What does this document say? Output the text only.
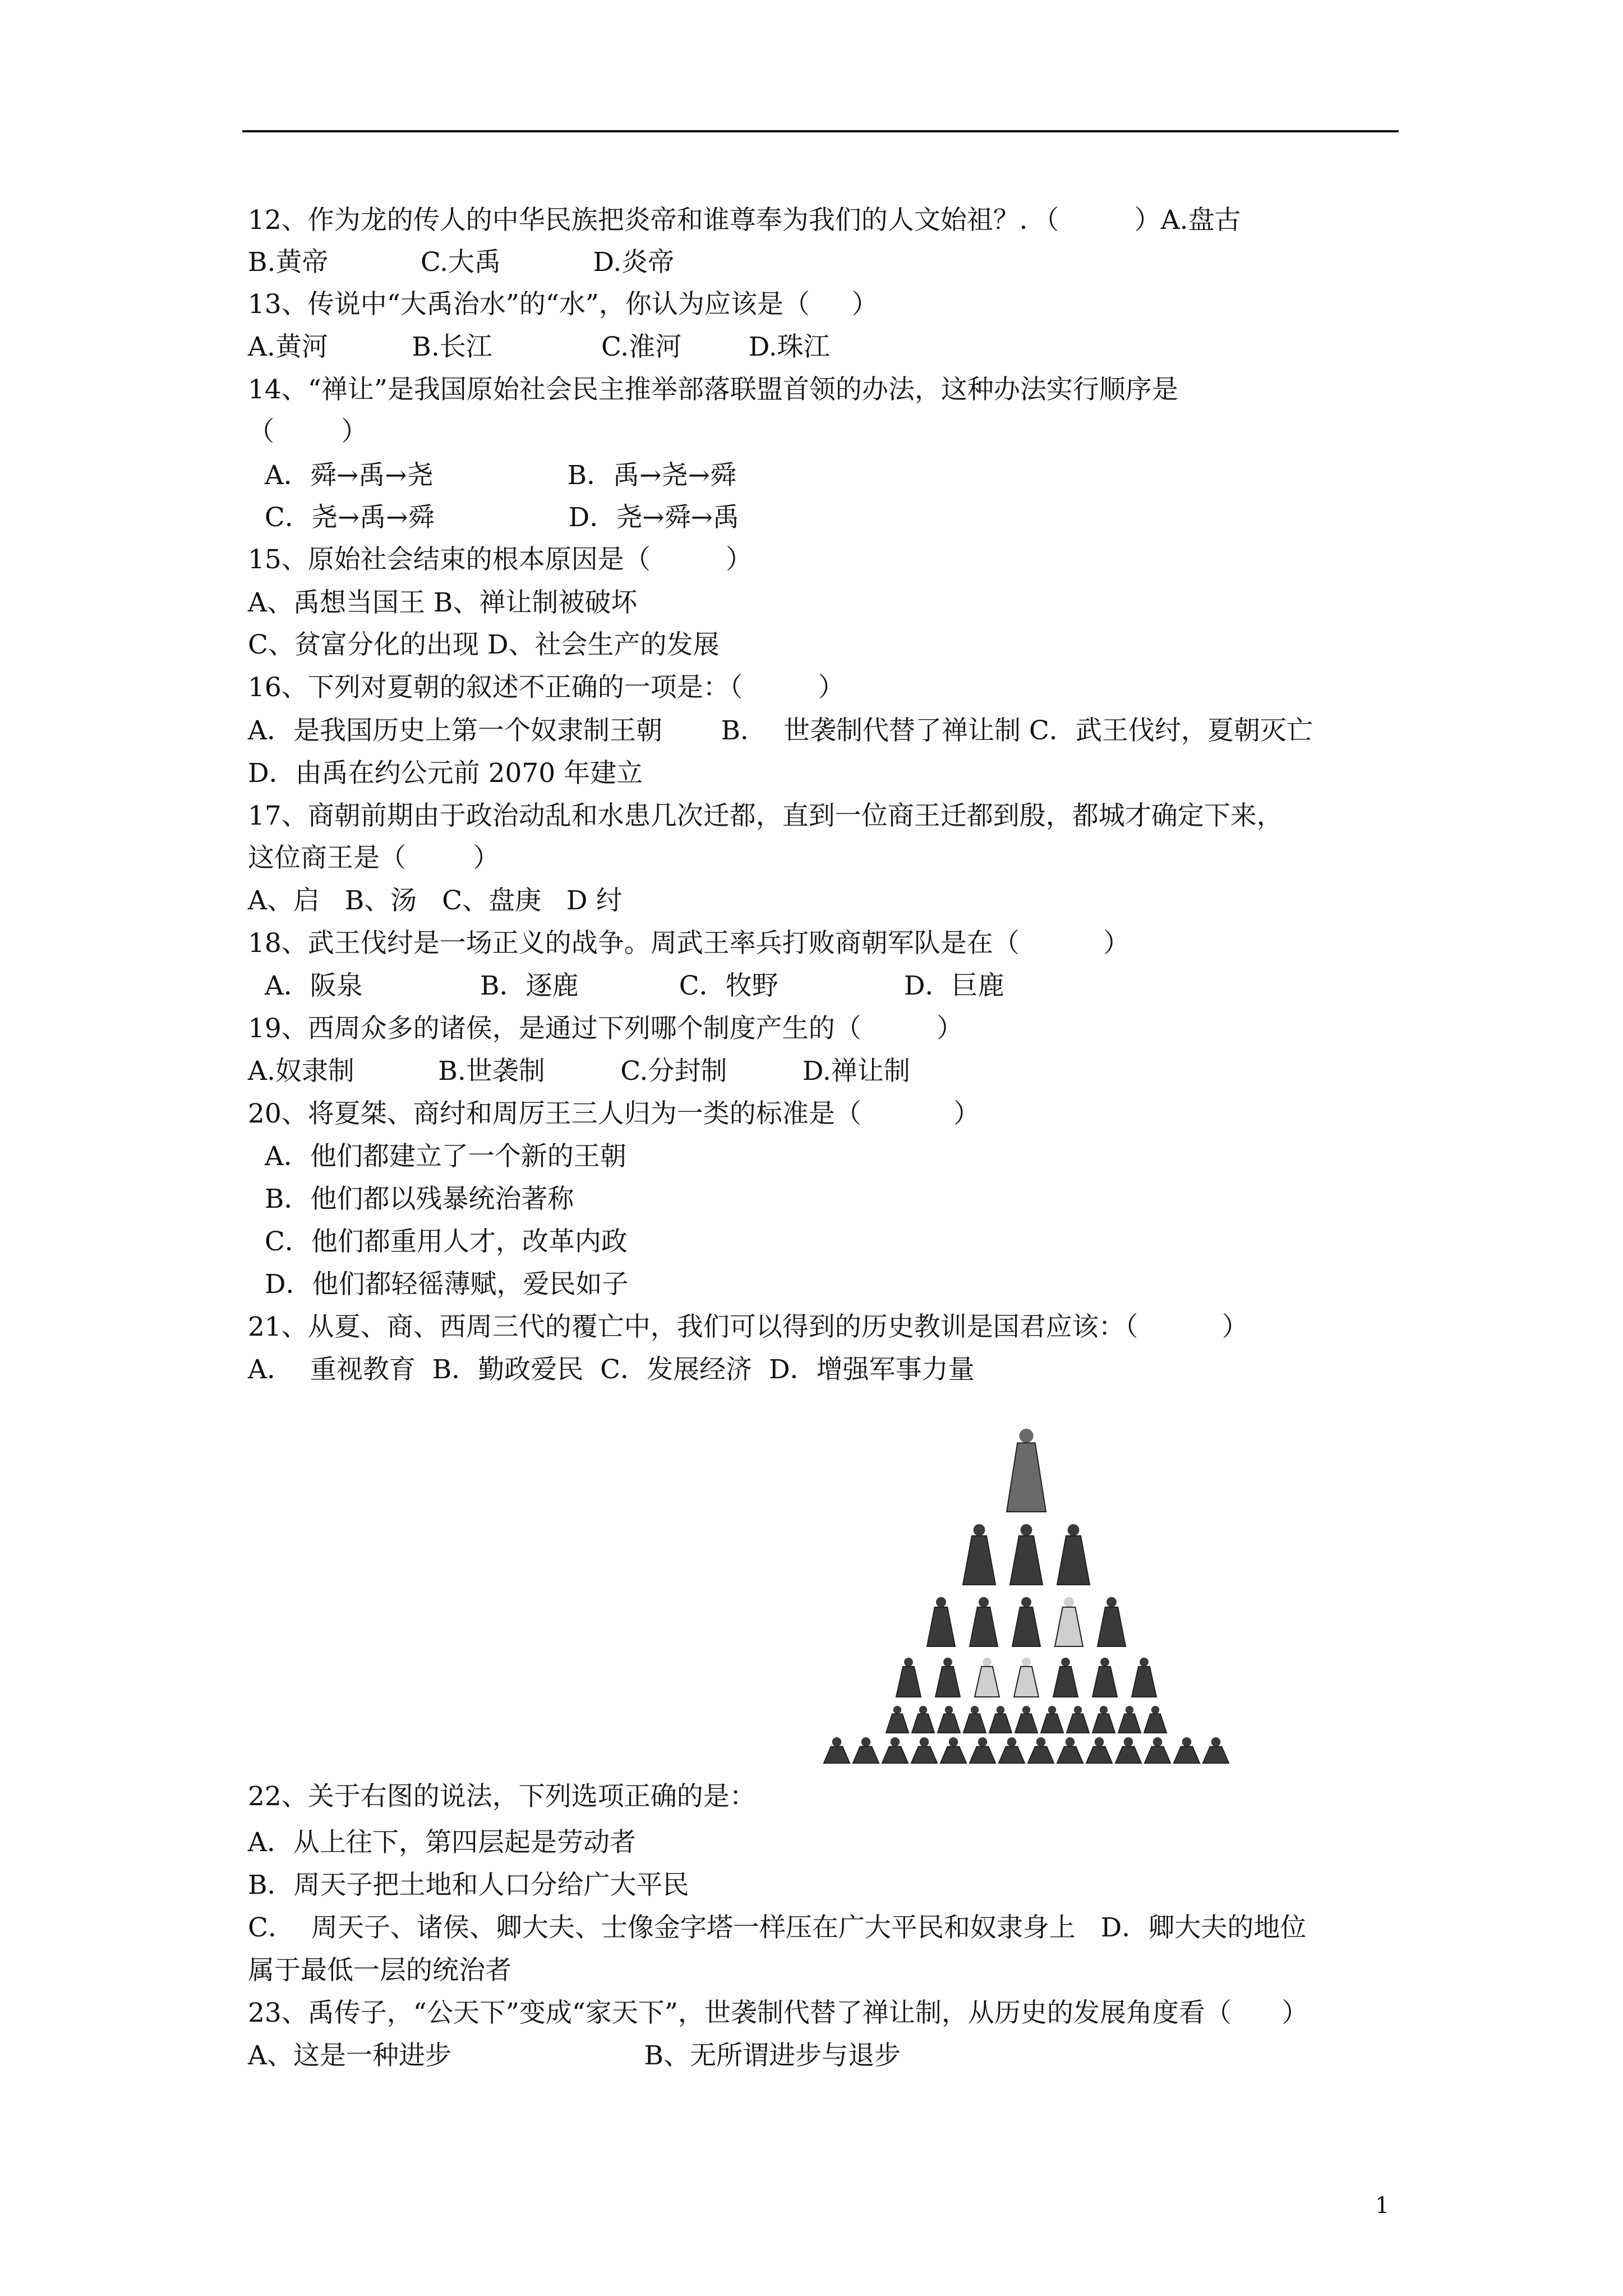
12、作为龙的传人的中华民族把炎帝和谁尊奉为我们的人文始祖？．（         ）A.盘古
B.黄帝           C.大禹           D.炎帝
13、传说中“大禹治水”的“水”，你认为应该是（     ）
A.黄河          B.长江             C.淮河        D.珠江
14、“禅让”是我国原始社会民主推举部落联盟首领的办法，这种办法实行顺序是
（        ）
A．舜→禹→尧                B．禹→尧→舜
C．尧→禹→舜                D．尧→舜→禹
15、原始社会结束的根本原因是（         ）
A、禹想当国王 B、禅让制被破坏
C、贫富分化的出现 D、社会生产的发展
16、下列对夏朝的叙述不正确的一项是：（         ）
A．是我国历史上第一个奴隶制王朝       B．  世袭制代替了禅让制 C．武王伐纣，夏朝灭亡
D．由禹在约公元前 2070 年建立
17、商朝前期由于政治动乱和水患几次迁都，直到一位商王迁都到殷，都城才确定下来，
这位商王是（        ）
A、启   B、汤   C、盘庚   D 纣
18、武王伐纣是一场正义的战争。周武王率兵打败商朝军队是在（          ）
A．阪泉              B．逐鹿            C．牧野               D．巨鹿
19、西周众多的诸侯，是通过下列哪个制度产生的（         ）
A.奴隶制          B.世袭制         C.分封制         D.禅让制
20、将夏桀、商纣和周厉王三人归为一类的标准是（           ）
A．他们都建立了一个新的王朝
B．他们都以残暴统治著称
C．他们都重用人才，改革内政
D．他们都轻徭薄赋，爱民如子
21、从夏、商、西周三代的覆亡中，我们可以得到的历史教训是国君应该：（          ）
A．  重视教育  B．勤政爱民  C．发展经济  D．增强军事力量
22、关于右图的说法，下列选项正确的是：
A．从上往下，第四层起是劳动者
B．周天子把土地和人口分给广大平民
C．  周天子、诸侯、卿大夫、士像金字塔一样压在广大平民和奴隶身上   D．卿大夫的地位
属于最低一层的统治者
23、禹传子，“公天下”变成“家天下”，世袭制代替了禅让制，从历史的发展角度看（      ）
A、这是一种进步                       B、无所谓进步与退步
1
